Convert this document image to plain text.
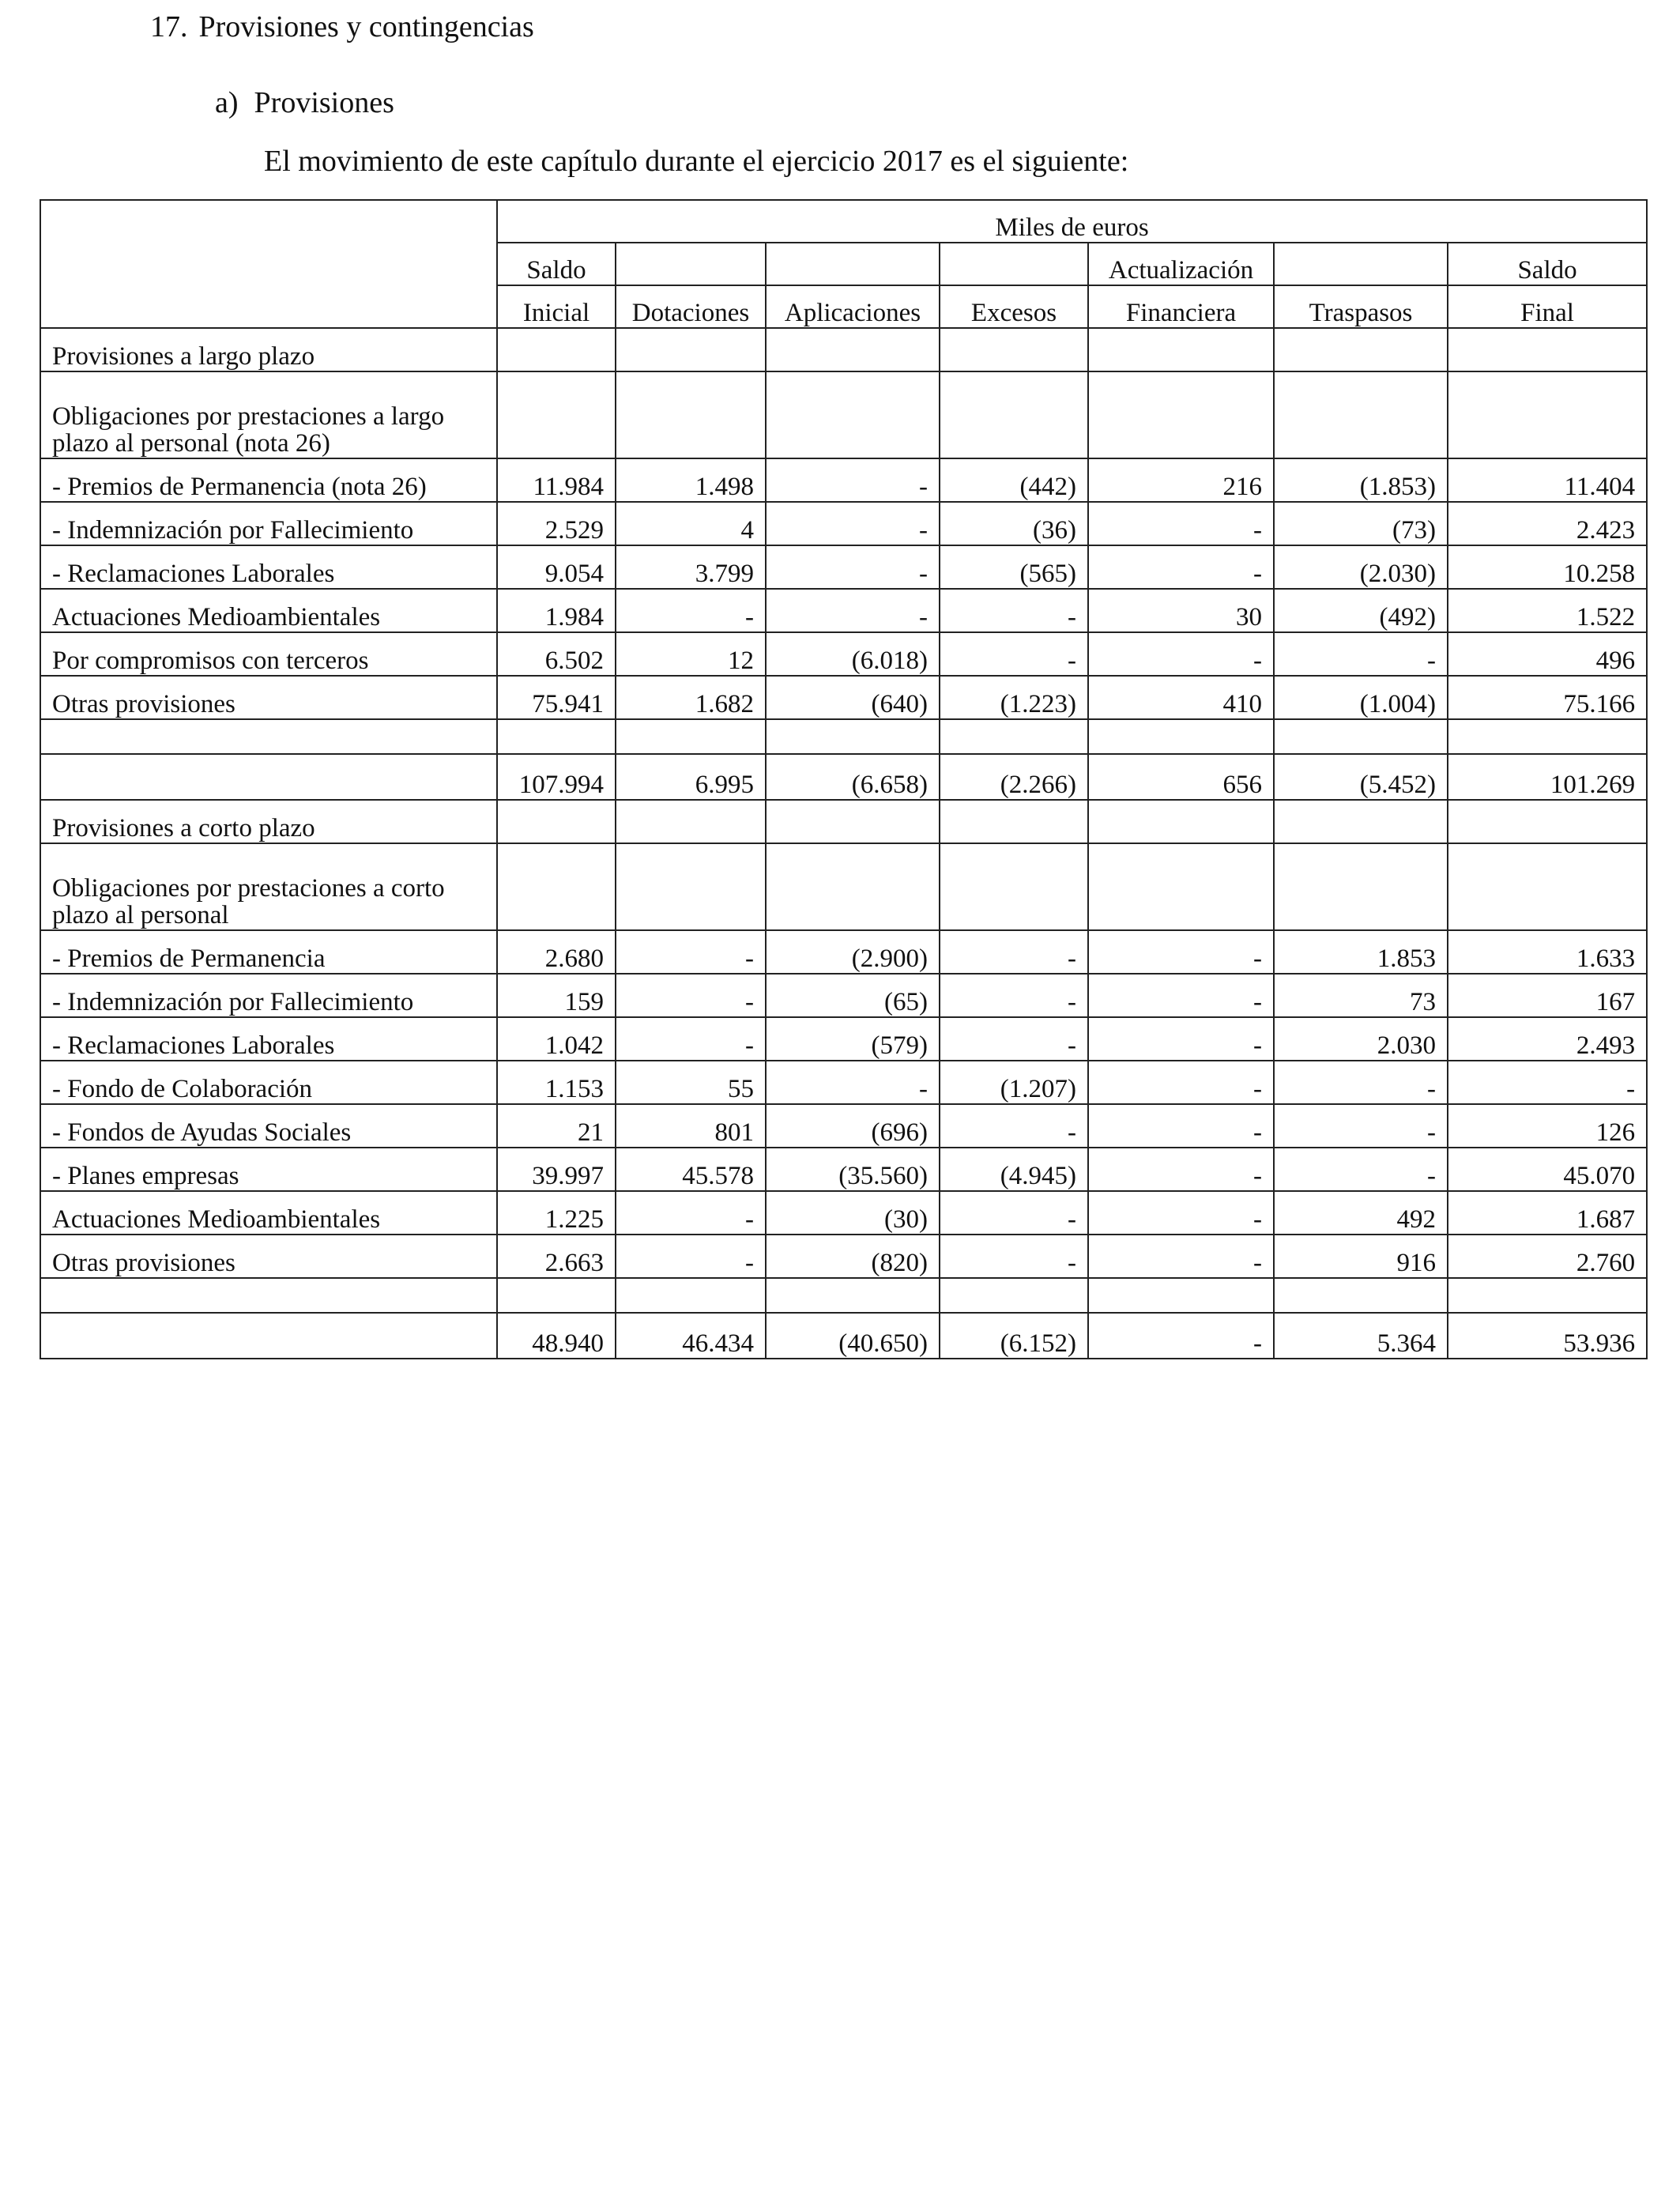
17. Provisiones y contingencias
a) Provisiones
El movimiento de este capítulo durante el ejercicio 2017 es el siguiente:
	Miles de euros						
	Saldo				Actualización		Saldo
	Inicial	Dotaciones	Aplicaciones	Excesos	Financiera	Traspasos	Final
Provisiones a largo plazo							
Obligaciones por prestaciones a largo plazo al personal (nota 26)							
- Premios de Permanencia (nota 26)	11.984	1.498	-	(442)	216	(1.853)	11.404
- Indemnización por Fallecimiento	2.529	4	-	(36)	-	(73)	2.423
- Reclamaciones Laborales	9.054	3.799	-	(565)	-	(2.030)	10.258
Actuaciones Medioambientales	1.984	-	-	-	30	(492)	1.522
Por compromisos con terceros	6.502	12	(6.018)	-	-	-	496
Otras provisiones	75.941	1.682	(640)	(1.223)	410	(1.004)	75.166

	107.994	6.995	(6.658)	(2.266)	656	(5.452)	101.269
Provisiones a corto plazo							
Obligaciones por prestaciones a corto plazo al personal							
- Premios de Permanencia	2.680	-	(2.900)	-	-	1.853	1.633
- Indemnización por Fallecimiento	159	-	(65)	-	-	73	167
- Reclamaciones Laborales	1.042	-	(579)	-	-	2.030	2.493
- Fondo de Colaboración	1.153	55	-	(1.207)	-	-	-
- Fondos de Ayudas Sociales	21	801	(696)	-	-	-	126
- Planes empresas	39.997	45.578	(35.560)	(4.945)	-	-	45.070
Actuaciones Medioambientales	1.225	-	(30)	-	-	492	1.687
Otras provisiones	2.663	-	(820)	-	-	916	2.760

	48.940	46.434	(40.650)	(6.152)	-	5.364	53.936
